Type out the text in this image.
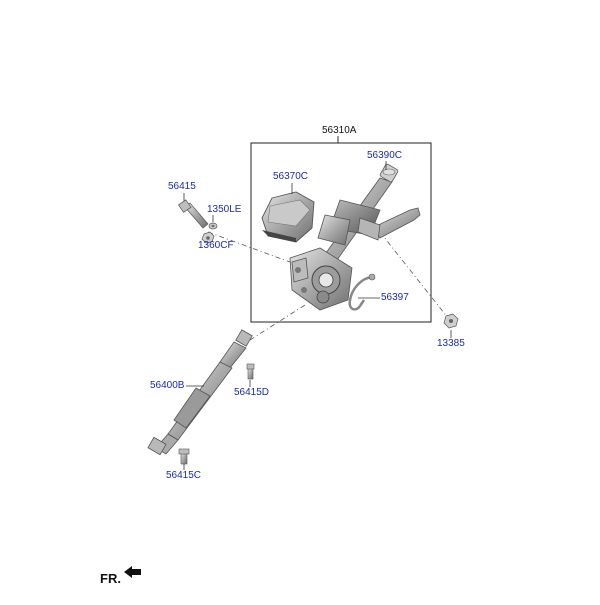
56310A
56390C
56370C
56415
1350LE
1360CF
56397
13385
56400B
56415D
56415C
FR.
